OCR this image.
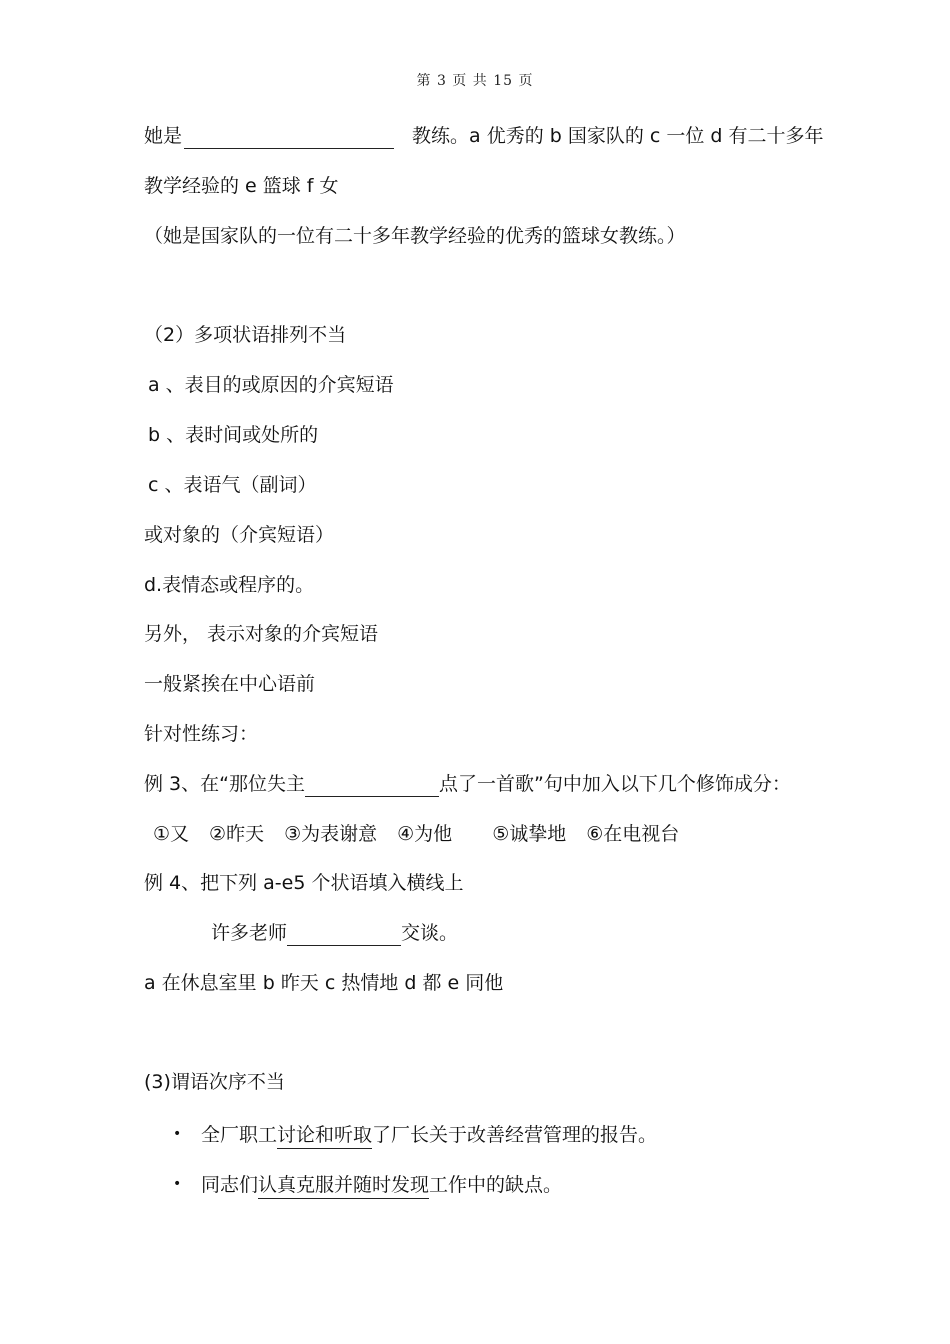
第 3 页 共 15 页
她是	教练。a 优秀的 b 国家队的 c 一位 d 有二十多年
教学经验的 e 篮球 f 女
（她是国家队的一位有二十多年教学经验的优秀的篮球女教练。）
（2）多项状语排列不当
a 、表目的或原因的介宾短语
b 、表时间或处所的
c 、表语气（副词）
或对象的（介宾短语）
d.表情态或程序的。
另外， 表示对象的介宾短语
一般紧挨在中心语前
针对性练习：
例 3、在“那位失主	点了一首歌”句中加入以下几个修饰成分：
①又 ②昨天 ③为表谢意 ④为他 ⑤诚挚地 ⑥在电视台
例 4、把下列 a-e5 个状语填入横线上
许多老师	交谈。
a 在休息室里 b 昨天 c 热情地 d 都 e 同他
(3)谓语次序不当
• 全厂职工讨论和听取了厂长关于改善经营管理的报告。
• 同志们认真克服并随时发现工作中的缺点。
